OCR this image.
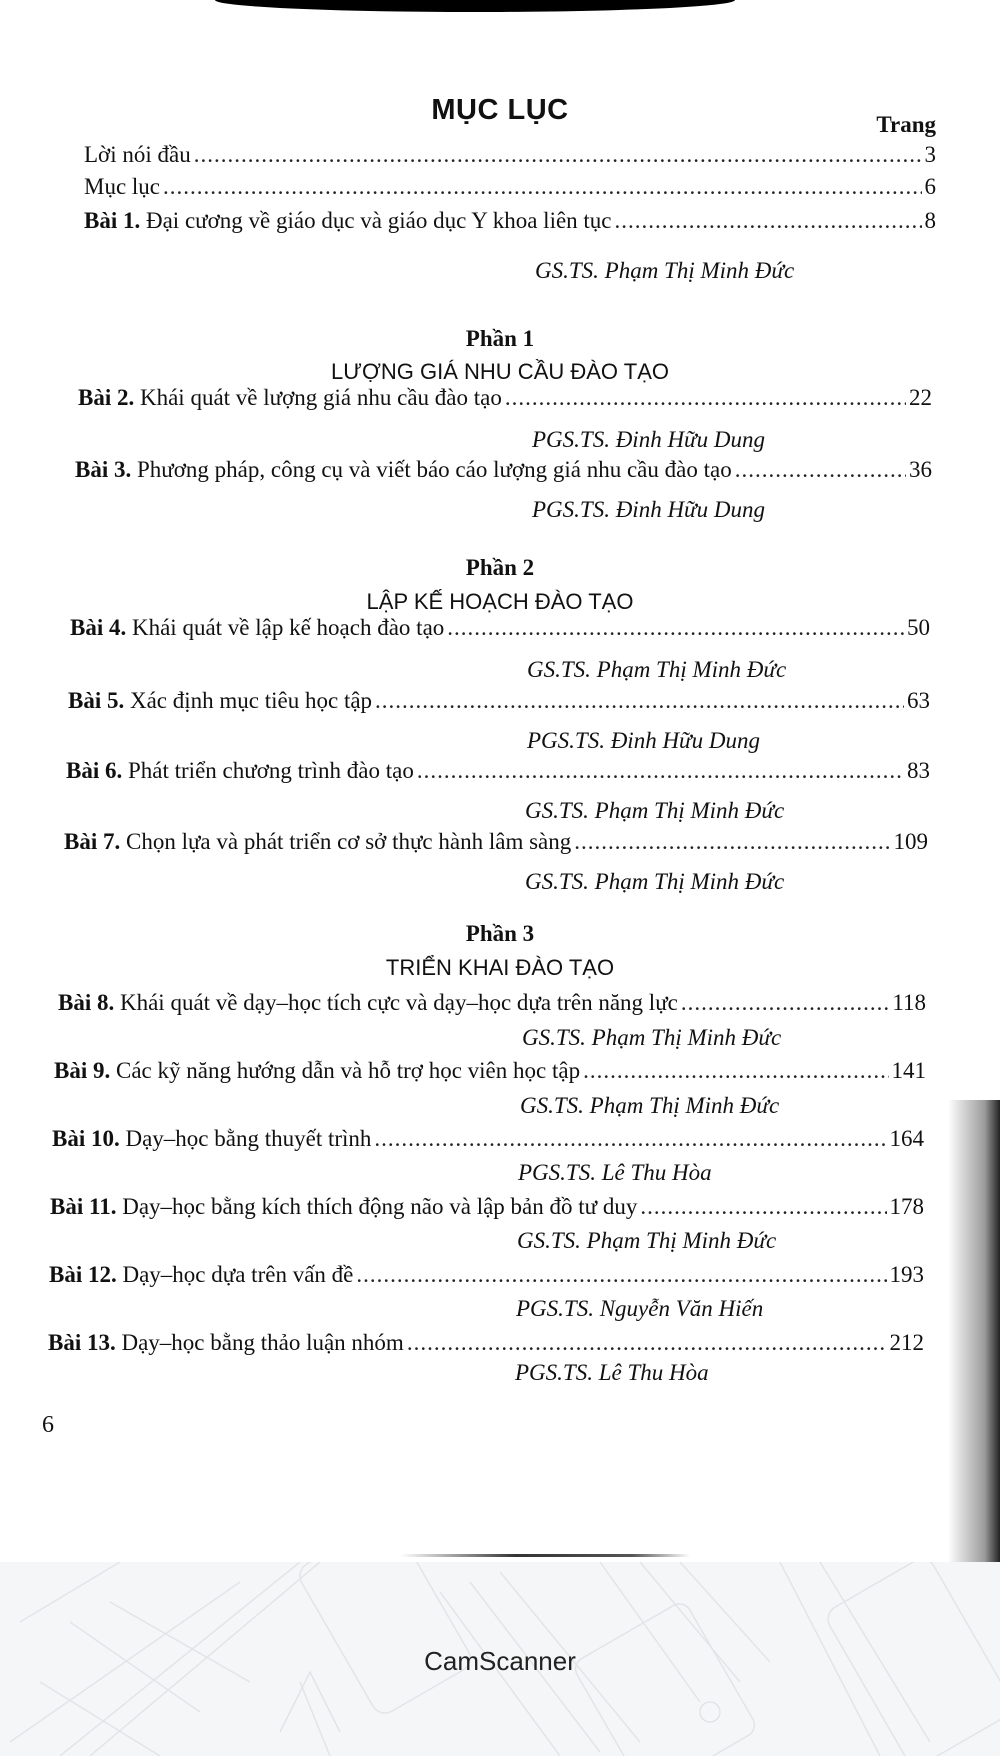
MỤC LỤC	Trang
Lời nói đầu .....	3
Mục lục .....	6
Bài 1. Đại cương về giáo dục và giáo dục Y khoa liên tục .....	8
GS.TS. Phạm Thị Minh Đức
Phần 1
LƯỢNG GIÁ NHU CẦU ĐÀO TẠO
Bài 2. Khái quát về lượng giá nhu cầu đào tạo .....	22
PGS.TS. Đinh Hữu Dung
Bài 3. Phương pháp, công cụ và viết báo cáo lượng giá nhu cầu đào tạo .....	36
PGS.TS. Đinh Hữu Dung
Phần 2
LẬP KẾ HOẠCH ĐÀO TẠO
Bài 4. Khái quát về lập kế hoạch đào tạo .....	50
GS.TS. Phạm Thị Minh Đức
Bài 5. Xác định mục tiêu học tập .....	63
PGS.TS. Đinh Hữu Dung
Bài 6. Phát triển chương trình đào tạo .....	83
GS.TS. Phạm Thị Minh Đức
Bài 7. Chọn lựa và phát triển cơ sở thực hành lâm sàng .....	109
GS.TS. Phạm Thị Minh Đức
Phần 3
TRIỂN KHAI ĐÀO TẠO
Bài 8. Khái quát về dạy–học tích cực và dạy–học dựa trên năng lực .....	118
GS.TS. Phạm Thị Minh Đức
Bài 9. Các kỹ năng hướng dẫn và hỗ trợ học viên học tập .....	141
GS.TS. Phạm Thị Minh Đức
Bài 10. Dạy–học bằng thuyết trình .....	164
PGS.TS. Lê Thu Hòa
Bài 11. Dạy–học bằng kích thích động não và lập bản đồ tư duy .....	178
GS.TS. Phạm Thị Minh Đức
Bài 12. Dạy–học dựa trên vấn đề .....	193
PGS.TS. Nguyễn Văn Hiến
Bài 13. Dạy–học bằng thảo luận nhóm .....	212
PGS.TS. Lê Thu Hòa
6
CamScanner
